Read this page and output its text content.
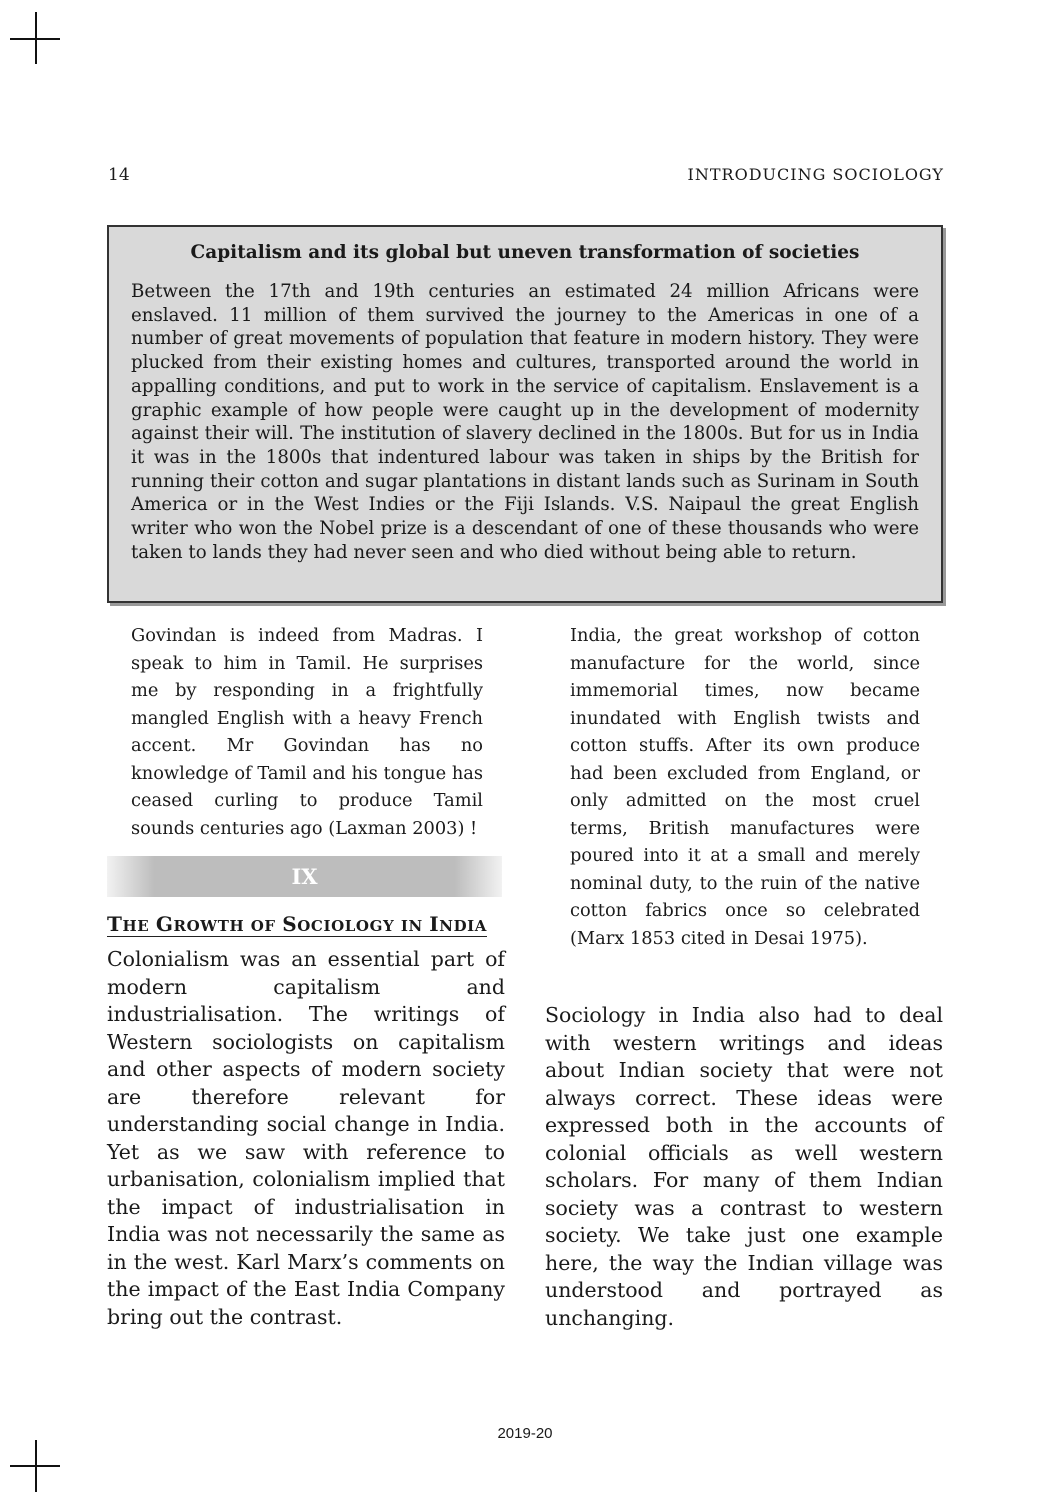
14	INTRODUCING SOCIOLOGY
Capitalism and its global but uneven transformation of societies

Between the 17th and 19th centuries an estimated 24 million Africans were enslaved. 11 million of them survived the journey to the Americas in one of a number of great movements of population that feature in modern history. They were plucked from their existing homes and cultures, transported around the world in appalling conditions, and put to work in the service of capitalism. Enslavement is a graphic example of how people were caught up in the development of modernity against their will. The institution of slavery declined in the 1800s. But for us in India it was in the 1800s that indentured labour was taken in ships by the British for running their cotton and sugar plantations in distant lands such as Surinam in South America or in the West Indies or the Fiji Islands. V.S. Naipaul the great English writer who won the Nobel prize is a descendant of one of these thousands who were taken to lands they had never seen and who died without being able to return.

Govindan is indeed from Madras. I speak to him in Tamil. He surprises me by responding in a frightfully mangled English with a heavy French accent. Mr Govindan has no knowledge of Tamil and his tongue has ceased curling to produce Tamil sounds centuries ago (Laxman 2003) !

India, the great workshop of cotton manufacture for the world, since immemorial times, now became inundated with English twists and cotton stuffs. After its own produce had been excluded from England, or only admitted on the most cruel terms, British manufactures were poured into it at a small and merely nominal duty, to the ruin of the native cotton fabrics once so celebrated (Marx 1853 cited in Desai 1975).

IX
THE GROWTH OF SOCIOLOGY IN INDIA

Colonialism was an essential part of modern capitalism and industrialisation. The writings of Western sociologists on capitalism and other aspects of modern society are therefore relevant for understanding social change in India. Yet as we saw with reference to urbanisation, colonialism implied that the impact of industrialisation in India was not necessarily the same as in the west. Karl Marx’s comments on the impact of the East India Company bring out the contrast.

Sociology in India also had to deal with western writings and ideas about Indian society that were not always correct. These ideas were expressed both in the accounts of colonial officials as well western scholars. For many of them Indian society was a contrast to western society. We take just one example here, the way the Indian village was understood and portrayed as unchanging.

2019-20
